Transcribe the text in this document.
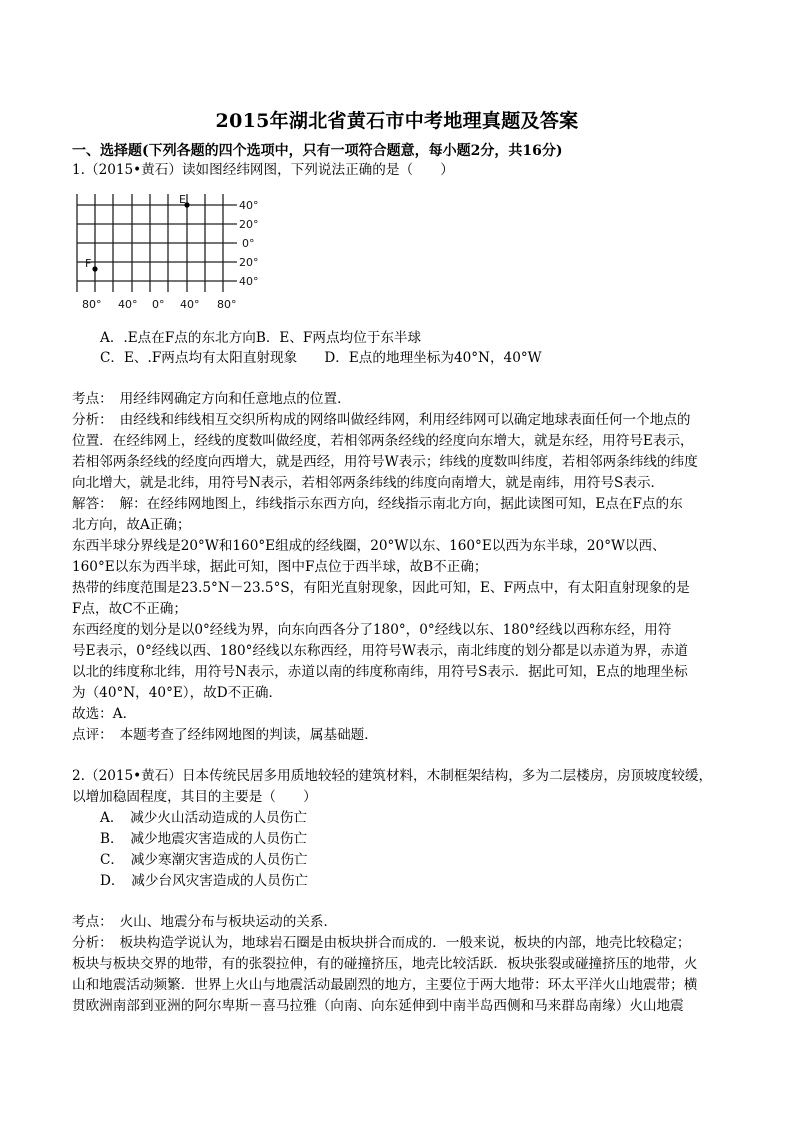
2015年湖北省黄石市中考地理真题及答案
一、选择题(下列各题的四个选项中，只有一项符合题意，每小题2分，共16分)
1.（2015•黄石）读如图经纬网图，下列说法正确的是（　　）
40°
20°
0°
20°
40°
80° 40° 0° 40° 80°
E
F
A．.E点在F点的东北方向B．E、F两点均位于东半球
C．E、.F两点均有太阳直射现象　　D．E点的地理坐标为40°N，40°W
考点：　用经纬网确定方向和任意地点的位置．
分析：　由经线和纬线相互交织所构成的网络叫做经纬网，利用经纬网可以确定地球表面任何一个地点的
位置．在经纬网上，经线的度数叫做经度，若相邻两条经线的经度向东增大，就是东经，用符号E表示，
若相邻两条经线的经度向西增大，就是西经，用符号W表示；纬线的度数叫纬度，若相邻两条纬线的纬度
向北增大，就是北纬，用符号N表示，若相邻两条纬线的纬度向南增大，就是南纬，用符号S表示．
解答：　解：在经纬网地图上，纬线指示东西方向，经线指示南北方向，据此读图可知，E点在F点的东
北方向，故A正确；
东西半球分界线是20°W和160°E组成的经线圈，20°W以东、160°E以西为东半球，20°W以西、
160°E以东为西半球，据此可知，图中F点位于西半球，故B不正确；
热带的纬度范围是23.5°N－23.5°S，有阳光直射现象，因此可知，E、F两点中，有太阳直射现象的是
F点，故C不正确；
东西经度的划分是以0°经线为界，向东向西各分了180°，0°经线以东、180°经线以西称东经，用符
号E表示，0°经线以西、180°经线以东称西经，用符号W表示，南北纬度的划分都是以赤道为界，赤道
以北的纬度称北纬，用符号N表示，赤道以南的纬度称南纬，用符号S表示．据此可知，E点的地理坐标
为（40°N，40°E），故D不正确．
故选：A．
点评：　本题考查了经纬网地图的判读，属基础题．
2.（2015•黄石）日本传统民居多用质地较轻的建筑材料，木制框架结构，多为二层楼房，房顶坡度较缓，
以增加稳固程度，其目的主要是（　　）
A．　减少火山活动造成的人员伤亡
B．　减少地震灾害造成的人员伤亡
C．　减少寒潮灾害造成的人员伤亡
D．　减少台风灾害造成的人员伤亡
考点：　火山、地震分布与板块运动的关系．
分析：　板块构造学说认为，地球岩石圈是由板块拼合而成的．一般来说，板块的内部，地壳比较稳定；
板块与板块交界的地带，有的张裂拉伸，有的碰撞挤压，地壳比较活跃．板块张裂或碰撞挤压的地带，火
山和地震活动频繁．世界上火山与地震活动最剧烈的地方，主要位于两大地带：环太平洋火山地震带；横
贯欧洲南部到亚洲的阿尔卑斯－喜马拉雅（向南、向东延伸到中南半岛西侧和马来群岛南缘）火山地震
